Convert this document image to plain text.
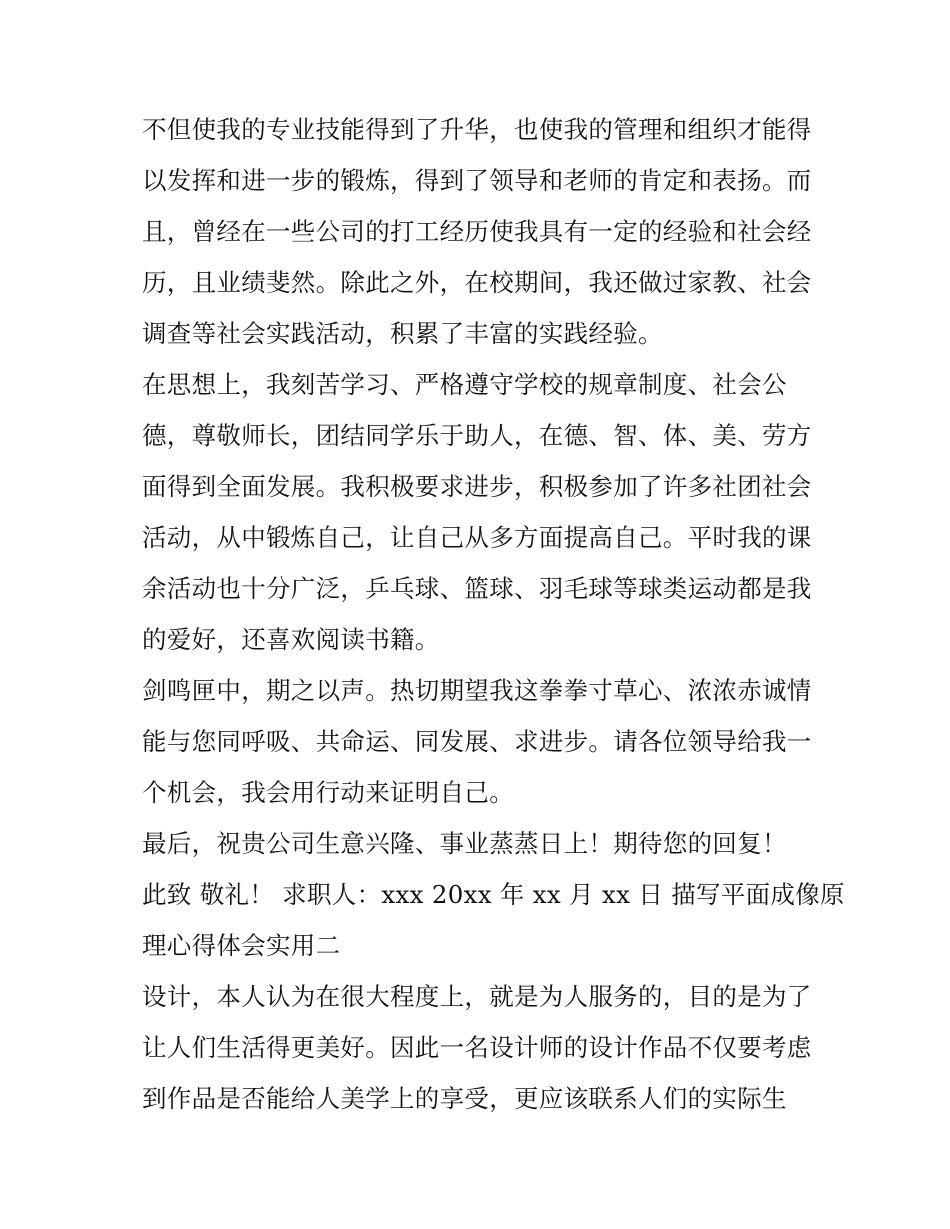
不但使我的专业技能得到了升华，也使我的管理和组织才能得
以发挥和进一步的锻炼，得到了领导和老师的肯定和表扬。而
且，曾经在一些公司的打工经历使我具有一定的经验和社会经
历，且业绩斐然。除此之外，在校期间，我还做过家教、社会
调查等社会实践活动，积累了丰富的实践经验。
在思想上，我刻苦学习、严格遵守学校的规章制度、社会公
德，尊敬师长，团结同学乐于助人，在德、智、体、美、劳方
面得到全面发展。我积极要求进步，积极参加了许多社团社会
活动，从中锻炼自己，让自己从多方面提高自己。平时我的课
余活动也十分广泛，乒乓球、篮球、羽毛球等球类运动都是我
的爱好，还喜欢阅读书籍。
剑鸣匣中，期之以声。热切期望我这拳拳寸草心、浓浓赤诚情
能与您同呼吸、共命运、同发展、求进步。请各位领导给我一
个机会，我会用行动来证明自己。
最后，祝贵公司生意兴隆、事业蒸蒸日上！期待您的回复！
此致 敬礼！ 求职人：xxx 20xx 年 xx 月 xx 日 描写平面成像原
理心得体会实用二
设计，本人认为在很大程度上，就是为人服务的，目的是为了
让人们生活得更美好。因此一名设计师的设计作品不仅要考虑
到作品是否能给人美学上的享受，更应该联系人们的实际生
